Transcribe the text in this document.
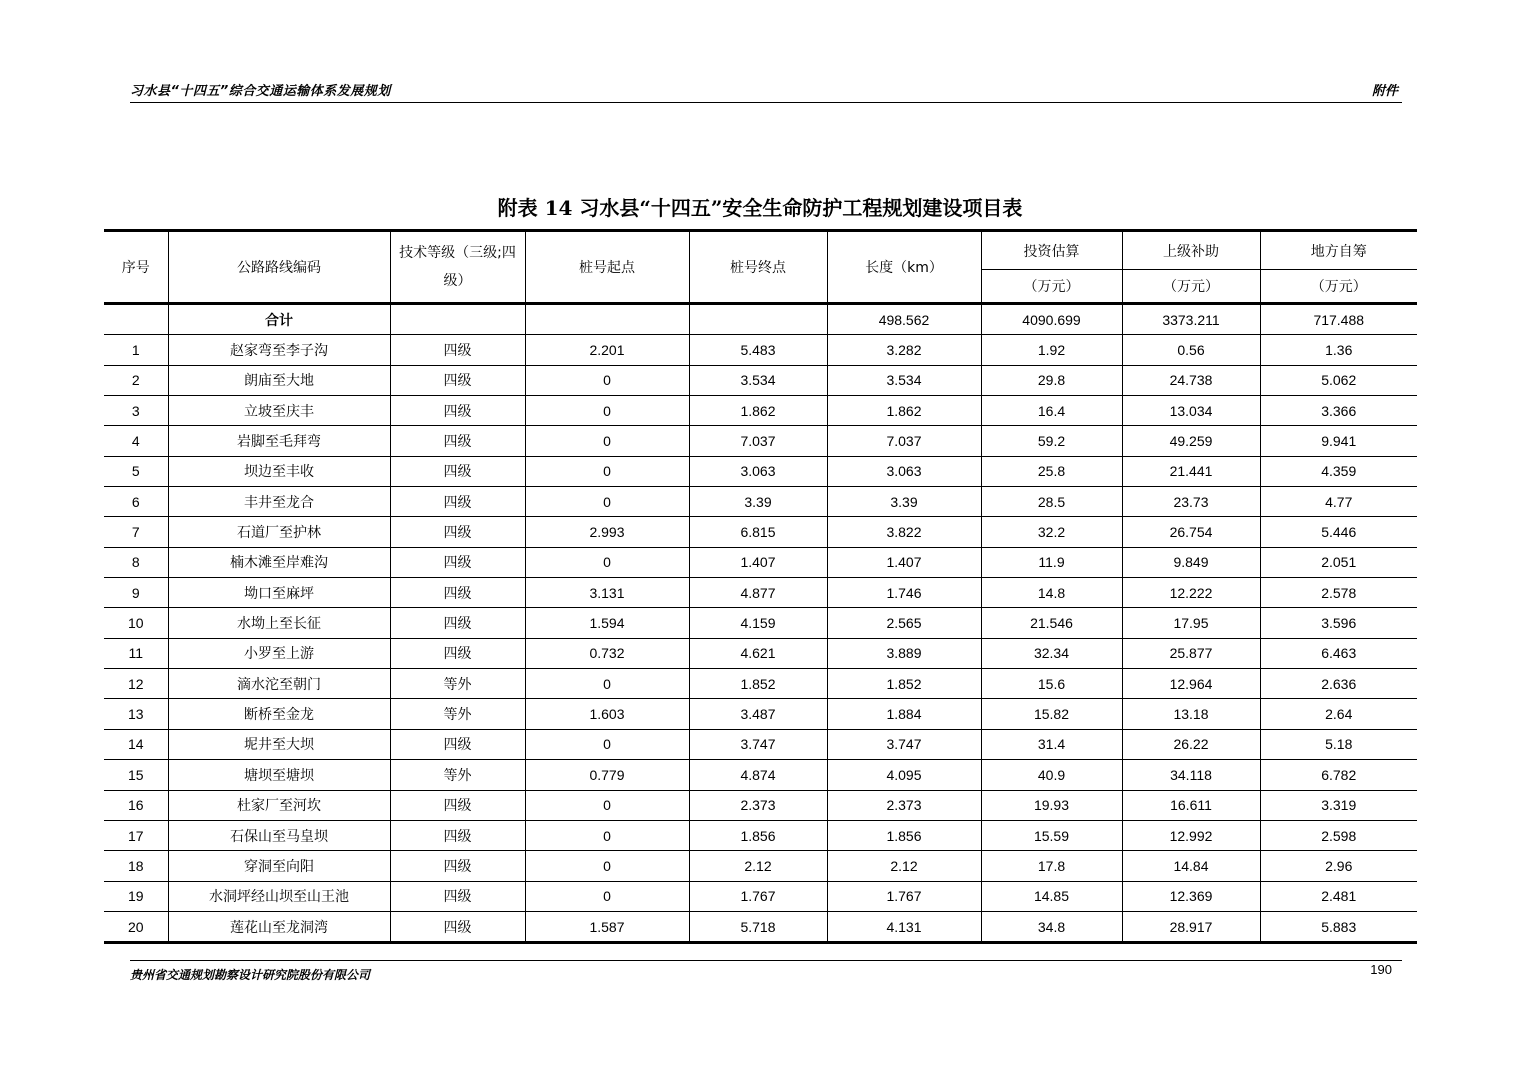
习水县“十四五”综合交通运输体系发展规划	附件
附表 14 习水县“十四五”安全生命防护工程规划建设项目表
序号	公路路线编码	技术等级（三级;四级）	桩号起点	桩号终点	长度（km）	投资估算	上级补助	地方自筹
						（万元）	（万元）	（万元）
	合计				498.562	4090.699	3373.211	717.488
1	赵家弯至李子沟	四级	2.201	5.483	3.282	1.92	0.56	1.36
2	朗庙至大地	四级	0	3.534	3.534	29.8	24.738	5.062
3	立坡至庆丰	四级	0	1.862	1.862	16.4	13.034	3.366
4	岩脚至毛拜弯	四级	0	7.037	7.037	59.2	49.259	9.941
5	坝边至丰收	四级	0	3.063	3.063	25.8	21.441	4.359
6	丰井至龙合	四级	0	3.39	3.39	28.5	23.73	4.77
7	石道厂至护林	四级	2.993	6.815	3.822	32.2	26.754	5.446
8	楠木滩至岸难沟	四级	0	1.407	1.407	11.9	9.849	2.051
9	坳口至麻坪	四级	3.131	4.877	1.746	14.8	12.222	2.578
10	水坳上至长征	四级	1.594	4.159	2.565	21.546	17.95	3.596
11	小罗至上游	四级	0.732	4.621	3.889	32.34	25.877	6.463
12	滴水沱至朝门	等外	0	1.852	1.852	15.6	12.964	2.636
13	断桥至金龙	等外	1.603	3.487	1.884	15.82	13.18	2.64
14	坭井至大坝	四级	0	3.747	3.747	31.4	26.22	5.18
15	塘坝至塘坝	等外	0.779	4.874	4.095	40.9	34.118	6.782
16	杜家厂至河坎	四级	0	2.373	2.373	19.93	16.611	3.319
17	石保山至马皇坝	四级	0	1.856	1.856	15.59	12.992	2.598
18	穿洞至向阳	四级	0	2.12	2.12	17.8	14.84	2.96
19	水洞坪经山坝至山王池	四级	0	1.767	1.767	14.85	12.369	2.481
20	莲花山至龙洞湾	四级	1.587	5.718	4.131	34.8	28.917	5.883
贵州省交通规划勘察设计研究院股份有限公司	190
